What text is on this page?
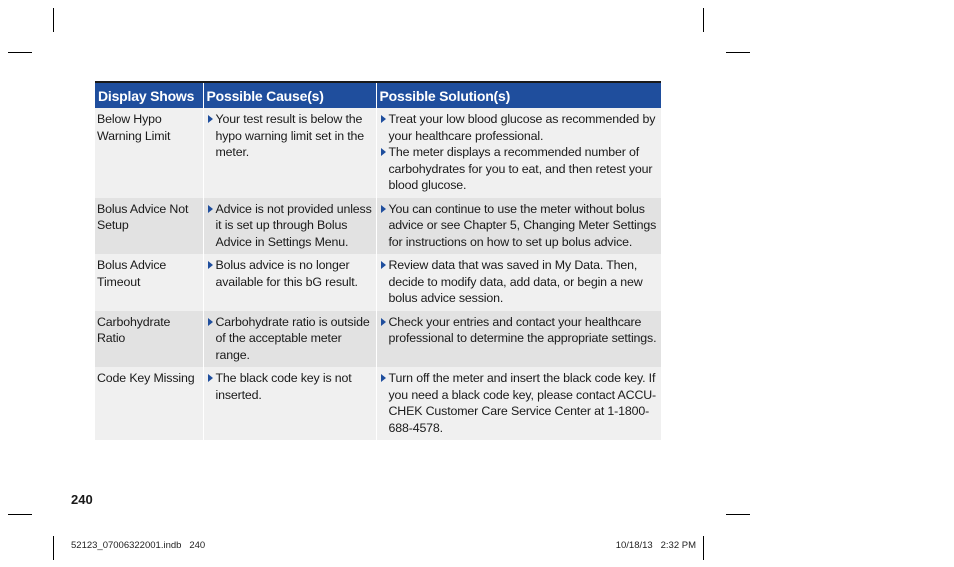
Display Shows	Possible Cause(s)	Possible Solution(s)
Below Hypo Warning Limit	Your test result is below the hypo warning limit set in the meter.	Treat your low blood glucose as recommended by your healthcare professional.
The meter displays a recommended number of carbohydrates for you to eat, and then retest your blood glucose.

Bolus Advice Not Setup	Advice is not provided unless it is set up through Bolus Advice in Settings Menu.	You can continue to use the meter without bolus advice or see Chapter 5, Changing Meter Settings for instructions on how to set up bolus advice.

Bolus Advice Timeout	Bolus advice is no longer available for this bG result.	Review data that was saved in My Data. Then, decide to modify data, add data, or begin a new bolus advice session.

Carbohydrate Ratio	Carbohydrate ratio is outside of the acceptable meter range.	Check your entries and contact your healthcare professional to determine the appropriate settings.

Code Key Missing	The black code key is not inserted.	Turn off the meter and insert the black code key. If you need a black code key, please contact ACCU-CHEK Customer Care Service Center at 1-1800-688-4578.
240
52123_07006322001.indb   240	10/18/13   2:32 PM
